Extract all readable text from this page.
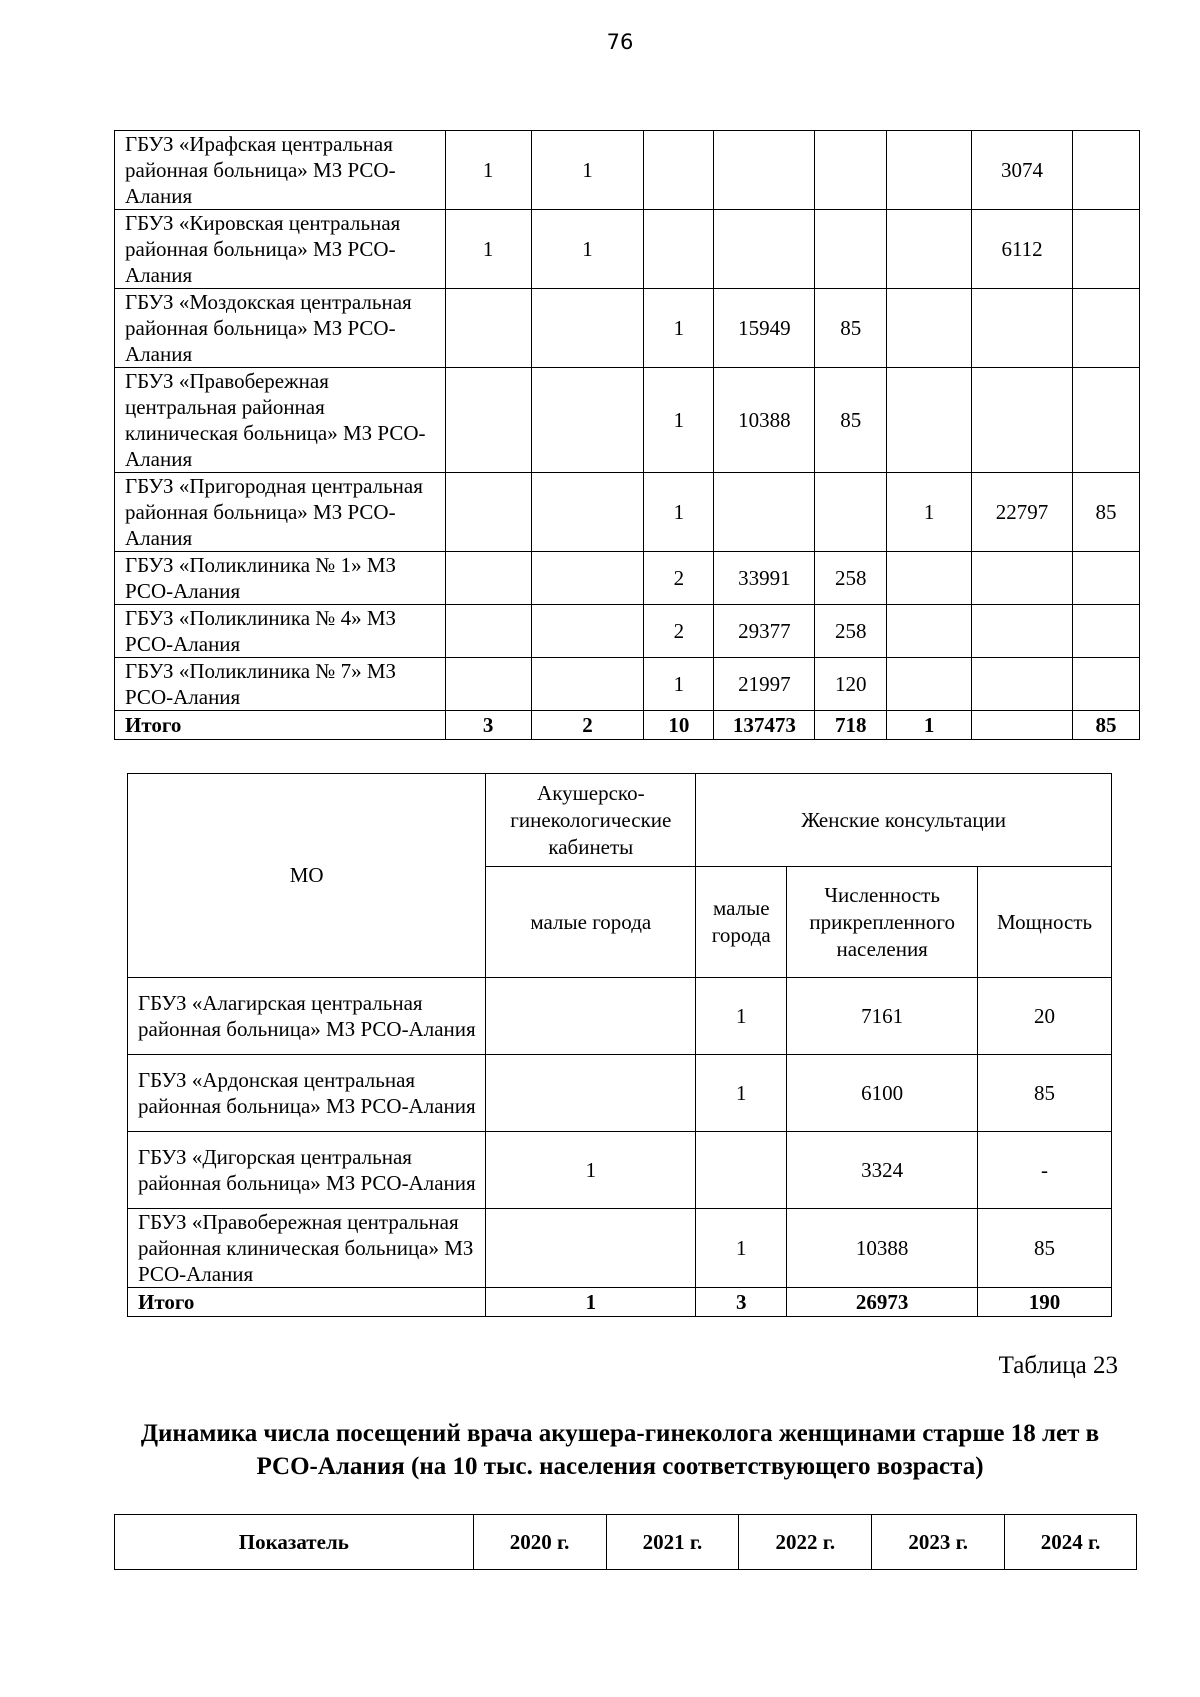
76
ГБУЗ «Ирафская центральная районная больница» МЗ РСО-Алания	1	1					3074	
ГБУЗ «Кировская центральная районная больница» МЗ РСО-Алания	1	1					6112	
ГБУЗ «Моздокская центральная районная больница» МЗ РСО-Алания			1	15949	85			
ГБУЗ «Правобережная центральная районная клиническая больница» МЗ РСО-Алания			1	10388	85			
ГБУЗ «Пригородная центральная районная больница» МЗ РСО-Алания			1			1	22797	85
ГБУЗ «Поликлиника № 1» МЗ РСО-Алания			2	33991	258			
ГБУЗ «Поликлиника № 4» МЗ РСО-Алания			2	29377	258			
ГБУЗ «Поликлиника № 7» МЗ РСО-Алания			1	21997	120			
Итого	3	2	10	137473	718	1		85
МО	Акушерско-гинекологические кабинеты	Женские консультации		
	малые города	малые города	Численность прикрепленного населения	Мощность
ГБУЗ «Алагирская центральная районная больница» МЗ РСО-Алания		1	7161	20
ГБУЗ «Ардонская центральная районная больница» МЗ РСО-Алания		1	6100	85
ГБУЗ «Дигорская центральная районная больница» МЗ РСО-Алания	1		3324	-
ГБУЗ «Правобережная центральная районная клиническая больница» МЗ РСО-Алания		1	10388	85
Итого	1	3	26973	190
Таблица 23
Динамика числа посещений врача акушера-гинеколога женщинами старше 18 лет в РСО-Алания (на 10 тыс. населения соответствующего возраста)
Показатель	2020 г.	2021 г.	2022 г.	2023 г.	2024 г.
